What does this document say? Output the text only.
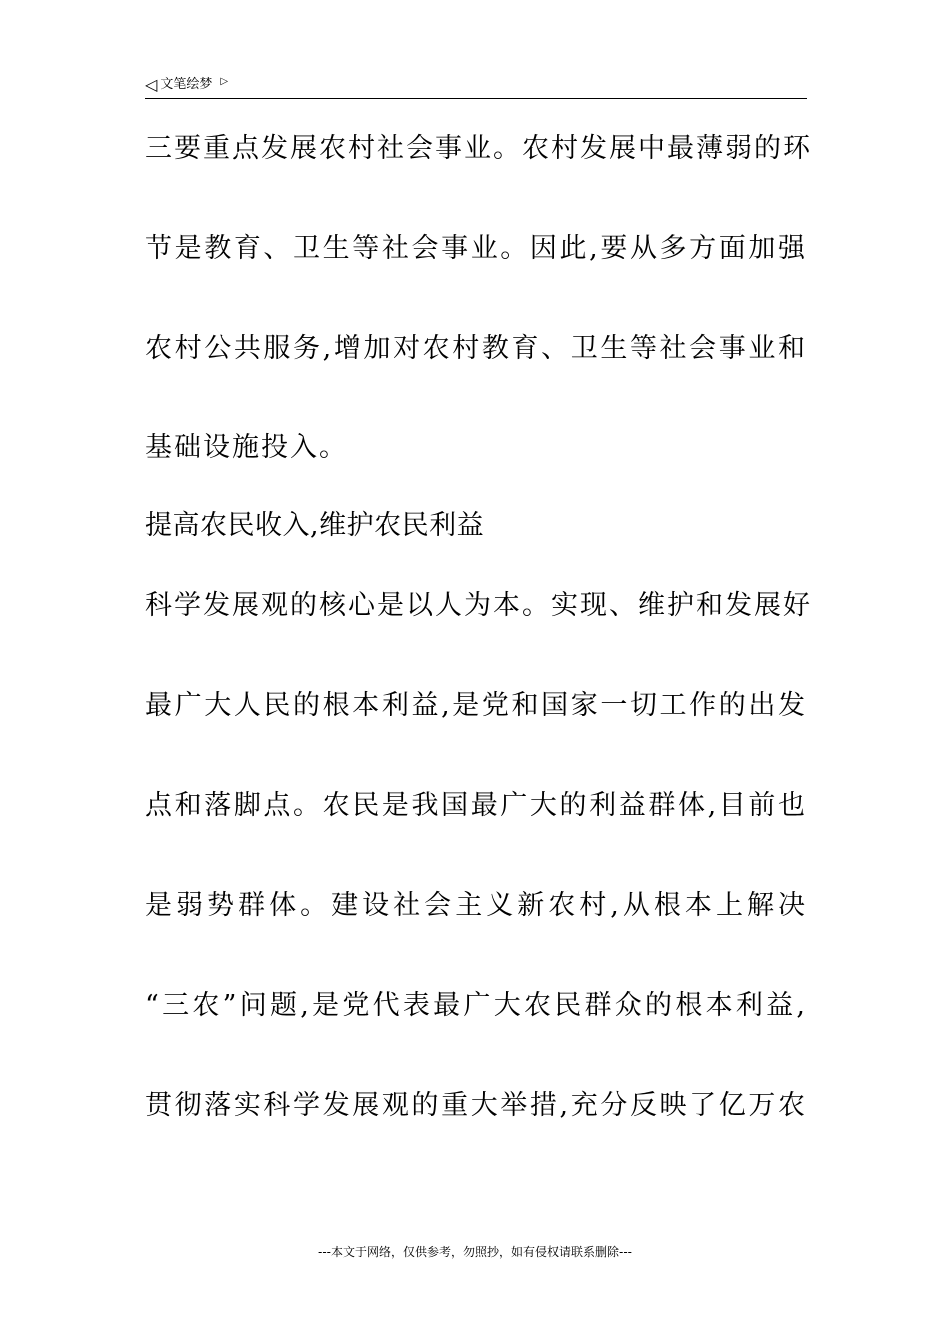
◁ 文笔绘梦 ▷
三要重点发展农村社会事业。农村发展中最薄弱的环
节是教育、卫生等社会事业。因此,要从多方面加强
农村公共服务,增加对农村教育、卫生等社会事业和
基础设施投入。
提高农民收入,维护农民利益
科学发展观的核心是以人为本。实现、维护和发展好
最广大人民的根本利益,是党和国家一切工作的出发
点和落脚点。农民是我国最广大的利益群体,目前也
是弱势群体。建设社会主义新农村,从根本上解决
“三农”问题,是党代表最广大农民群众的根本利益,
贯彻落实科学发展观的重大举措,充分反映了亿万农
---本文于网络，仅供参考，勿照抄，如有侵权请联系删除---
